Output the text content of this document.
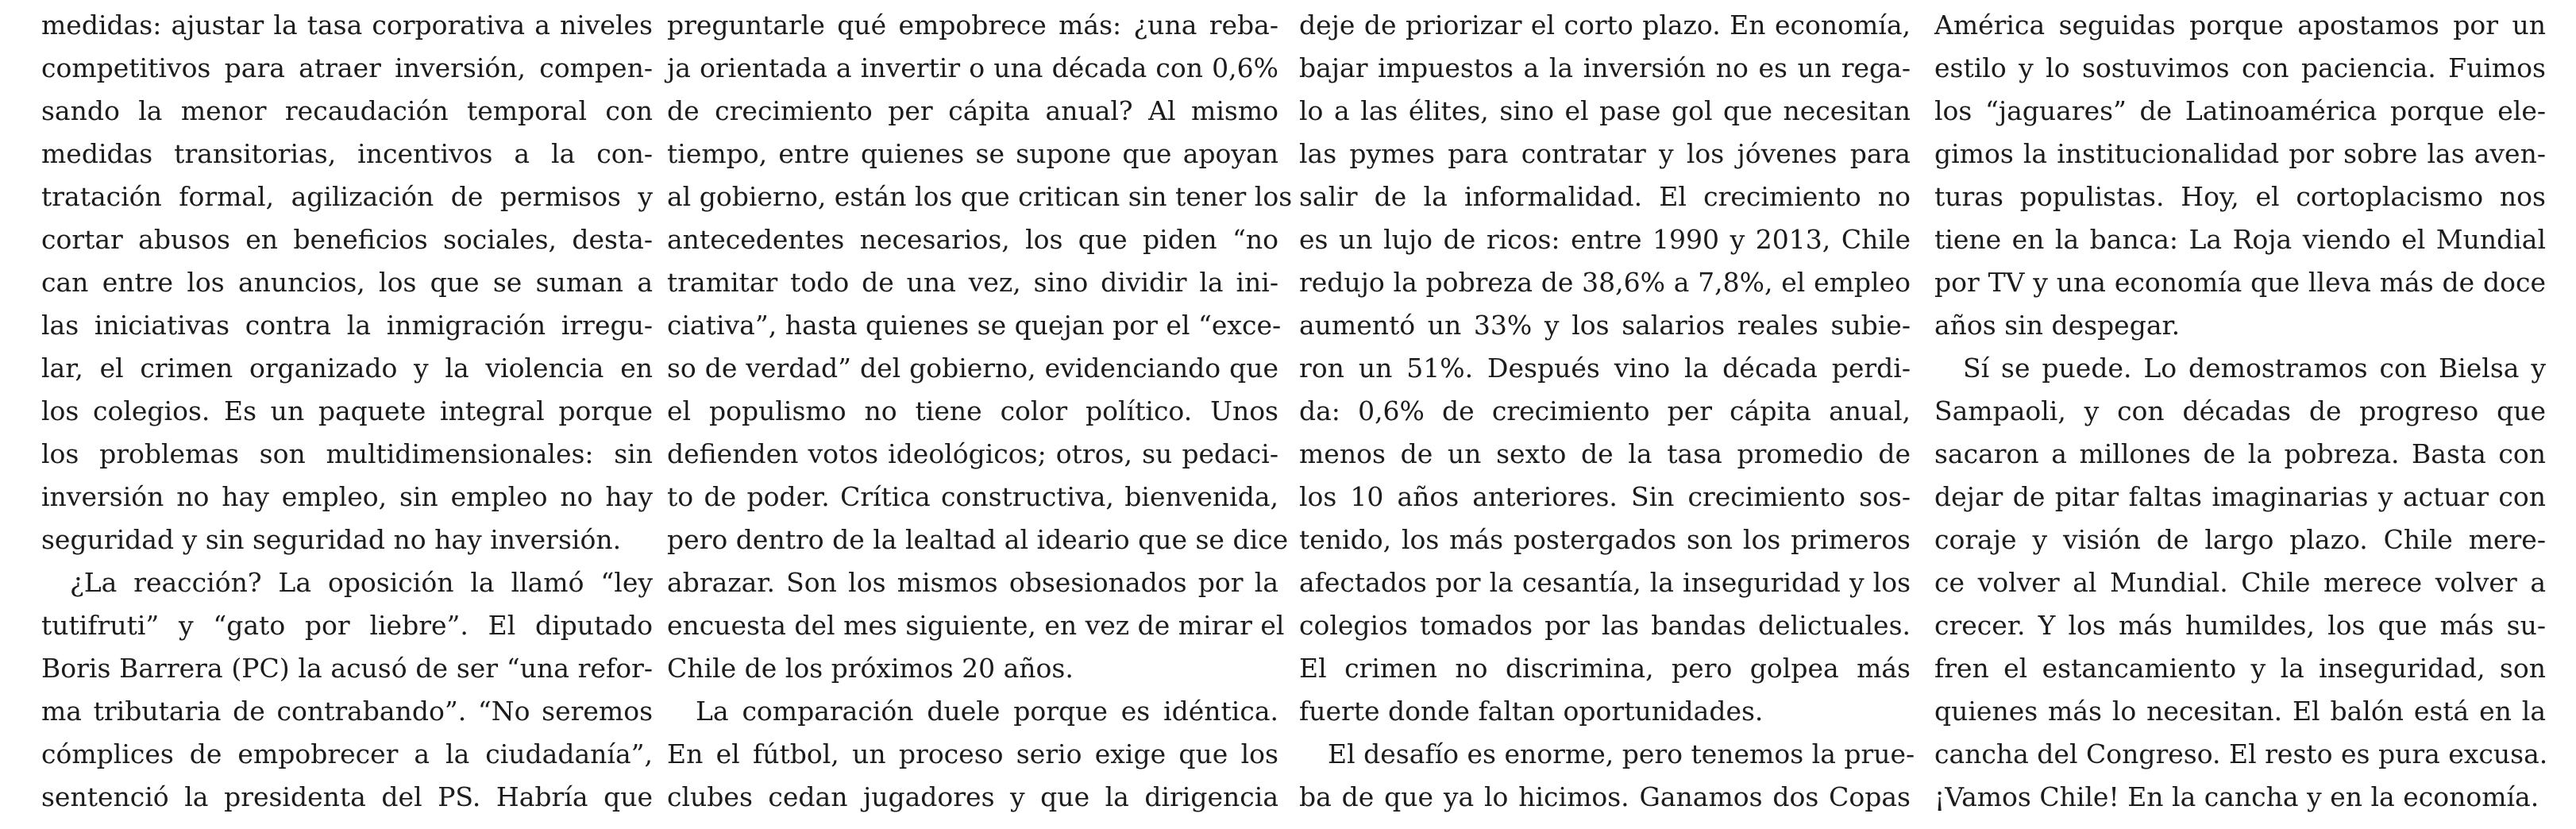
medidas: ajustar la tasa corporativa a niveles
competitivos para atraer inversión, compen-
sando la menor recaudación temporal con
medidas transitorias, incentivos a la con-
tratación formal, agilización de permisos y
cortar abusos en beneficios sociales, desta-
can entre los anuncios, los que se suman a
las iniciativas contra la inmigración irregu-
lar, el crimen organizado y la violencia en
los colegios. Es un paquete integral porque
los problemas son multidimensionales: sin
inversión no hay empleo, sin empleo no hay
seguridad y sin seguridad no hay inversión.
¿La reacción? La oposición la llamó “ley
tutifruti” y “gato por liebre”. El diputado
Boris Barrera (PC) la acusó de ser “una refor-
ma tributaria de contrabando”. “No seremos
cómplices de empobrecer a la ciudadanía”,
sentenció la presidenta del PS. Habría que
preguntarle qué empobrece más: ¿una reba-
ja orientada a invertir o una década con 0,6%
de crecimiento per cápita anual? Al mismo
tiempo, entre quienes se supone que apoyan
al gobierno, están los que critican sin tener los
antecedentes necesarios, los que piden “no
tramitar todo de una vez, sino dividir la ini-
ciativa”, hasta quienes se quejan por el “exce-
so de verdad” del gobierno, evidenciando que
el populismo no tiene color político. Unos
defienden votos ideológicos; otros, su pedaci-
to de poder. Crítica constructiva, bienvenida,
pero dentro de la lealtad al ideario que se dice
abrazar. Son los mismos obsesionados por la
encuesta del mes siguiente, en vez de mirar el
Chile de los próximos 20 años.
La comparación duele porque es idéntica.
En el fútbol, un proceso serio exige que los
clubes cedan jugadores y que la dirigencia
deje de priorizar el corto plazo. En economía,
bajar impuestos a la inversión no es un rega-
lo a las élites, sino el pase gol que necesitan
las pymes para contratar y los jóvenes para
salir de la informalidad. El crecimiento no
es un lujo de ricos: entre 1990 y 2013, Chile
redujo la pobreza de 38,6% a 7,8%, el empleo
aumentó un 33% y los salarios reales subie-
ron un 51%. Después vino la década perdi-
da: 0,6% de crecimiento per cápita anual,
menos de un sexto de la tasa promedio de
los 10 años anteriores. Sin crecimiento sos-
tenido, los más postergados son los primeros
afectados por la cesantía, la inseguridad y los
colegios tomados por las bandas delictuales.
El crimen no discrimina, pero golpea más
fuerte donde faltan oportunidades.
El desafío es enorme, pero tenemos la prue-
ba de que ya lo hicimos. Ganamos dos Copas
América seguidas porque apostamos por un
estilo y lo sostuvimos con paciencia. Fuimos
los “jaguares” de Latinoamérica porque ele-
gimos la institucionalidad por sobre las aven-
turas populistas. Hoy, el cortoplacismo nos
tiene en la banca: La Roja viendo el Mundial
por TV y una economía que lleva más de doce
años sin despegar.
Sí se puede. Lo demostramos con Bielsa y
Sampaoli, y con décadas de progreso que
sacaron a millones de la pobreza. Basta con
dejar de pitar faltas imaginarias y actuar con
coraje y visión de largo plazo. Chile mere-
ce volver al Mundial. Chile merece volver a
crecer. Y los más humildes, los que más su-
fren el estancamiento y la inseguridad, son
quienes más lo necesitan. El balón está en la
cancha del Congreso. El resto es pura excusa.
¡Vamos Chile! En la cancha y en la economía.
